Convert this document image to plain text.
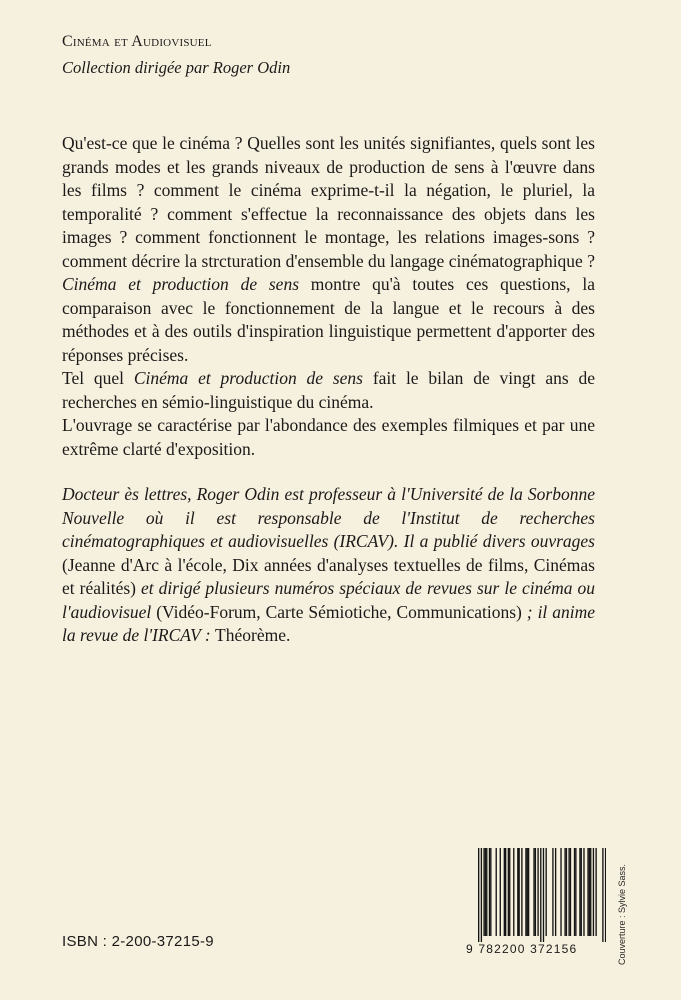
Cinéma et Audiovisuel
Collection dirigée par Roger Odin

Qu'est-ce que le cinéma ? Quelles sont les unités signifiantes, quels sont les grands modes et les grands niveaux de production de sens à l'œuvre dans les films ? comment le cinéma exprime-t-il la négation, le pluriel, la temporalité ? comment s'effectue la reconnaissance des objets dans les images ? comment fonctionnent le montage, les relations images-sons ? comment décrire la strcturation d'ensemble du langage cinématographique ? Cinéma et production de sens montre qu'à toutes ces questions, la comparaison avec le fonctionnement de la langue et le recours à des méthodes et à des outils d'inspiration linguistique permettent d'apporter des réponses précises.

Tel quel Cinéma et production de sens fait le bilan de vingt ans de recherches en sémio-linguistique du cinéma.

L'ouvrage se caractérise par l'abondance des exemples filmiques et par une extrême clarté d'exposition.

Docteur ès lettres, Roger Odin est professeur à l'Université de la Sorbonne Nouvelle où il est responsable de l'Institut de recherches cinématographiques et audiovisuelles (IRCAV). Il a publié divers ouvrages (Jeanne d'Arc à l'école, Dix années d'analyses textuelles de films, Cinémas et réalités) et dirigé plusieurs numéros spéciaux de revues sur le cinéma ou l'audiovisuel (Vidéo-Forum, Carte Sémiotiche, Communications) ; il anime la revue de l'IRCAV : Théorème.

ISBN : 2-200-37215-9	9 782200 372156	Couverture : Sylvie Sass.
